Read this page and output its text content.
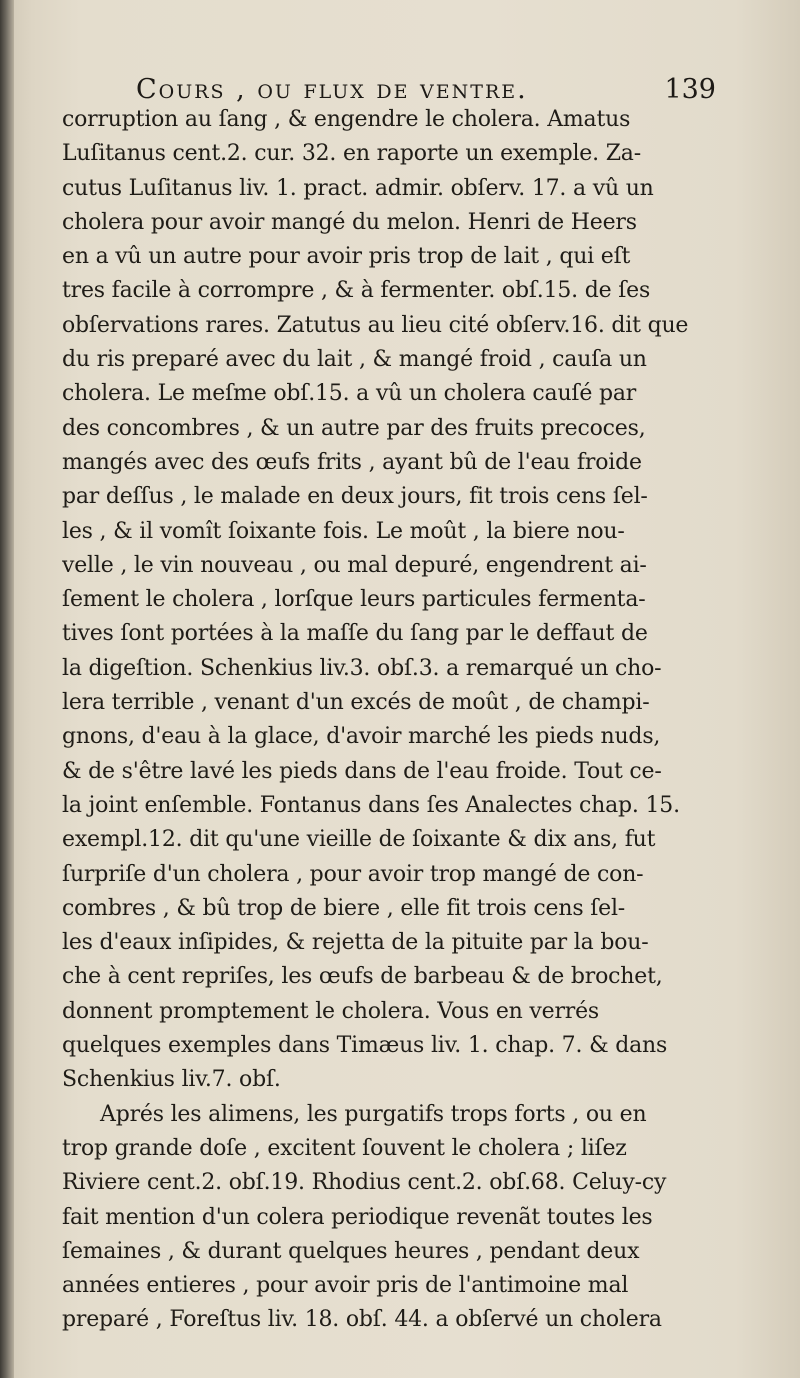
Cours , ou flux de ventre.	139
corruption au ſang , & engendre le cholera. Amatus
Luſitanus cent.2. cur. 32. en raporte un exemple. Za-
cutus Luſitanus liv. 1. pract. admir. obſerv. 17. a vû un
cholera pour avoir mangé du melon. Henri de Heers
en a vû un autre pour avoir pris trop de lait , qui eſt
tres facile à corrompre , & à fermenter. obſ.15. de ſes
obſervations rares. Zatutus au lieu cité obſerv.16. dit que
du ris preparé avec du lait , & mangé froid , cauſa un
cholera. Le meſme obſ.15. a vû un cholera cauſé par
des concombres , & un autre par des fruits precoces,
mangés avec des œufs frits , ayant bû de l'eau froide
par deſſus , le malade en deux jours, fit trois cens ſel-
les , & il vomît ſoixante fois. Le moût , la biere nou-
velle , le vin nouveau , ou mal depuré, engendrent ai-
ſement le cholera , lorſque leurs particules fermenta-
tives ſont portées à la maſſe du ſang par le deffaut de
la digeſtion. Schenkius liv.3. obſ.3. a remarqué un cho-
lera terrible , venant d'un excés de moût , de champi-
gnons, d'eau à la glace, d'avoir marché les pieds nuds,
& de s'être lavé les pieds dans de l'eau froide. Tout ce-
la joint enſemble. Fontanus dans ſes Analectes chap. 15.
exempl.12. dit qu'une vieille de ſoixante & dix ans, fut
ſurpriſe d'un cholera , pour avoir trop mangé de con-
combres , & bû trop de biere , elle fit trois cens ſel-
les d'eaux inſipides, & rejetta de la pituite par la bou-
che à cent repriſes, les œufs de barbeau & de brochet,
donnent promptement le cholera. Vous en verrés
quelques exemples dans Timæus liv. 1. chap. 7. & dans
Schenkius liv.7. obſ.
Aprés les alimens, les purgatifs trops forts , ou en
trop grande doſe , excitent ſouvent le cholera ; liſez
Riviere cent.2. obſ.19. Rhodius cent.2. obſ.68. Celuy-cy
fait mention d'un colera periodique revenãt toutes les
ſemaines , & durant quelques heures , pendant deux
années entieres , pour avoir pris de l'antimoine mal
preparé , Foreſtus liv. 18. obſ. 44. a obſervé un cholera
